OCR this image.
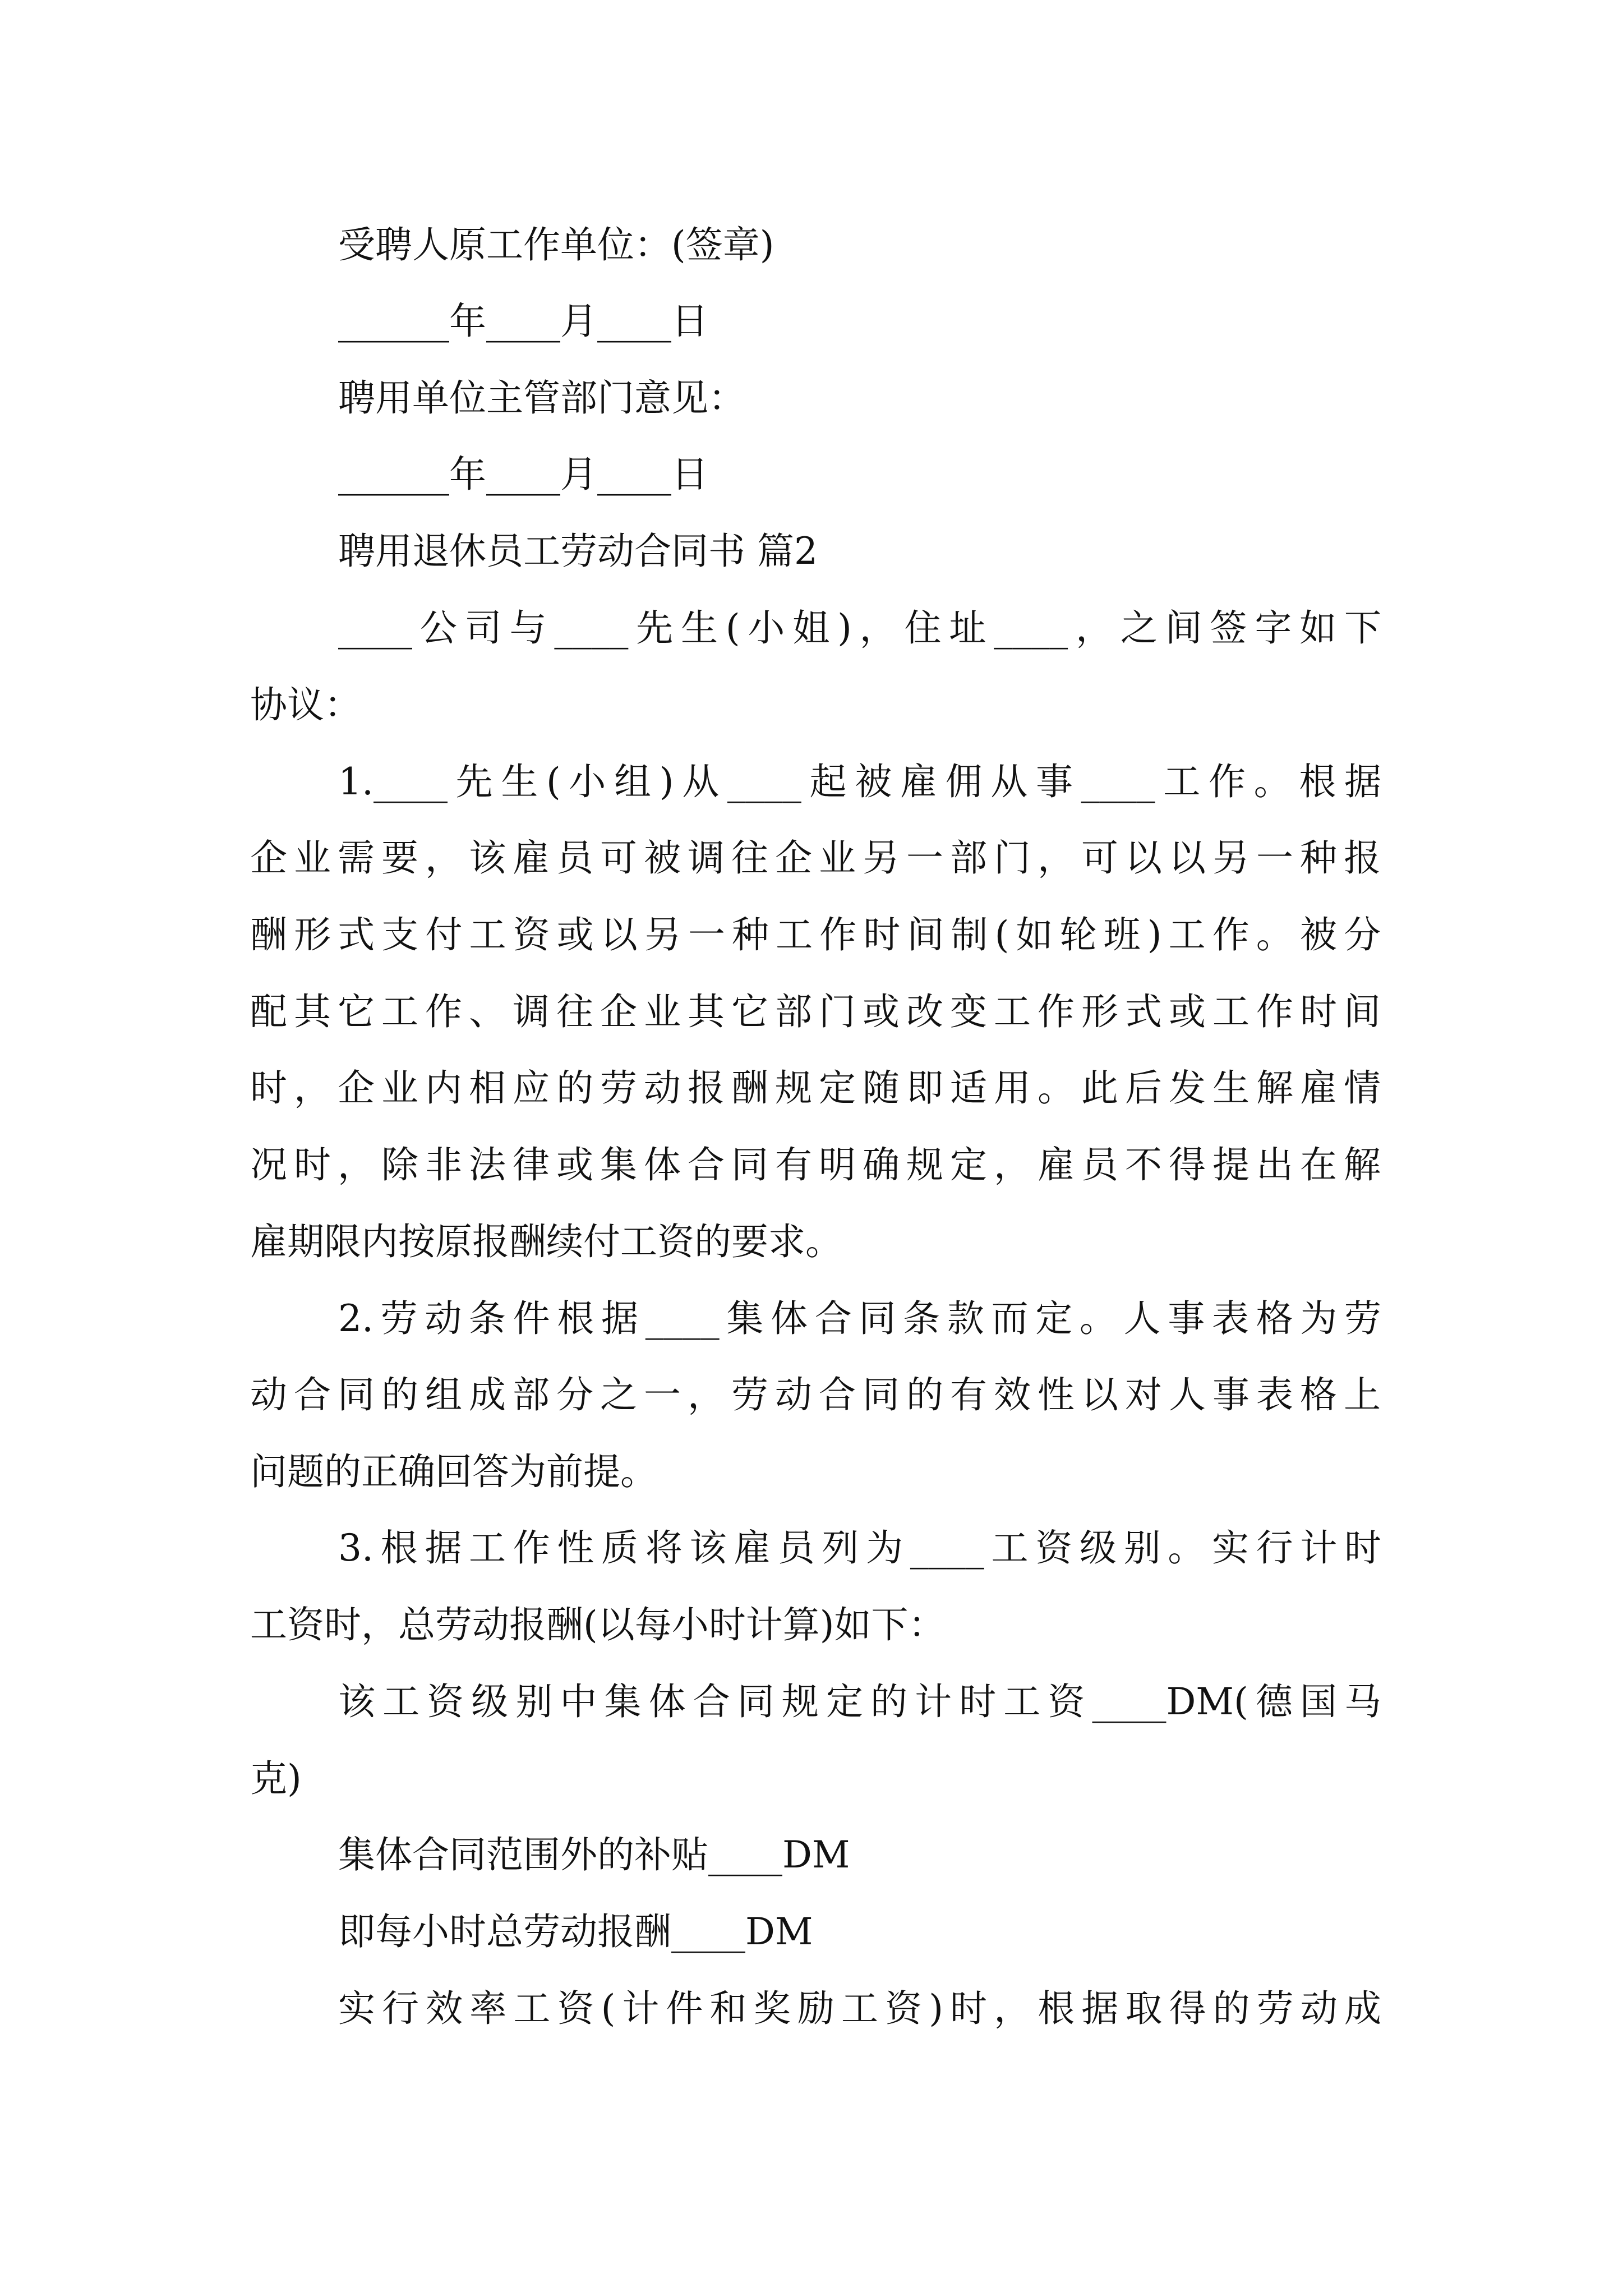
受聘人原工作单位：(签章)

______年____月____日

聘用单位主管部门意见：

______年____月____日

聘用退休员工劳动合同书 篇2

____公司与____先生(小姐)，住址____，之间签字如下

协议：

1.____先生(小组)从____起被雇佣从事____工作。根据

企业需要，该雇员可被调往企业另一部门，可以以另一种报

酬形式支付工资或以另一种工作时间制(如轮班)工作。被分

配其它工作、调往企业其它部门或改变工作形式或工作时间

时，企业内相应的劳动报酬规定随即适用。此后发生解雇情

况时，除非法律或集体合同有明确规定，雇员不得提出在解

雇期限内按原报酬续付工资的要求。

2.劳动条件根据____集体合同条款而定。人事表格为劳

动合同的组成部分之一，劳动合同的有效性以对人事表格上

问题的正确回答为前提。

3.根据工作性质将该雇员列为____工资级别。实行计时

工资时，总劳动报酬(以每小时计算)如下：

该工资级别中集体合同规定的计时工资____DM(德国马

克)

集体合同范围外的补贴____DM

即每小时总劳动报酬____DM

实行效率工资(计件和奖励工资)时，根据取得的劳动成
